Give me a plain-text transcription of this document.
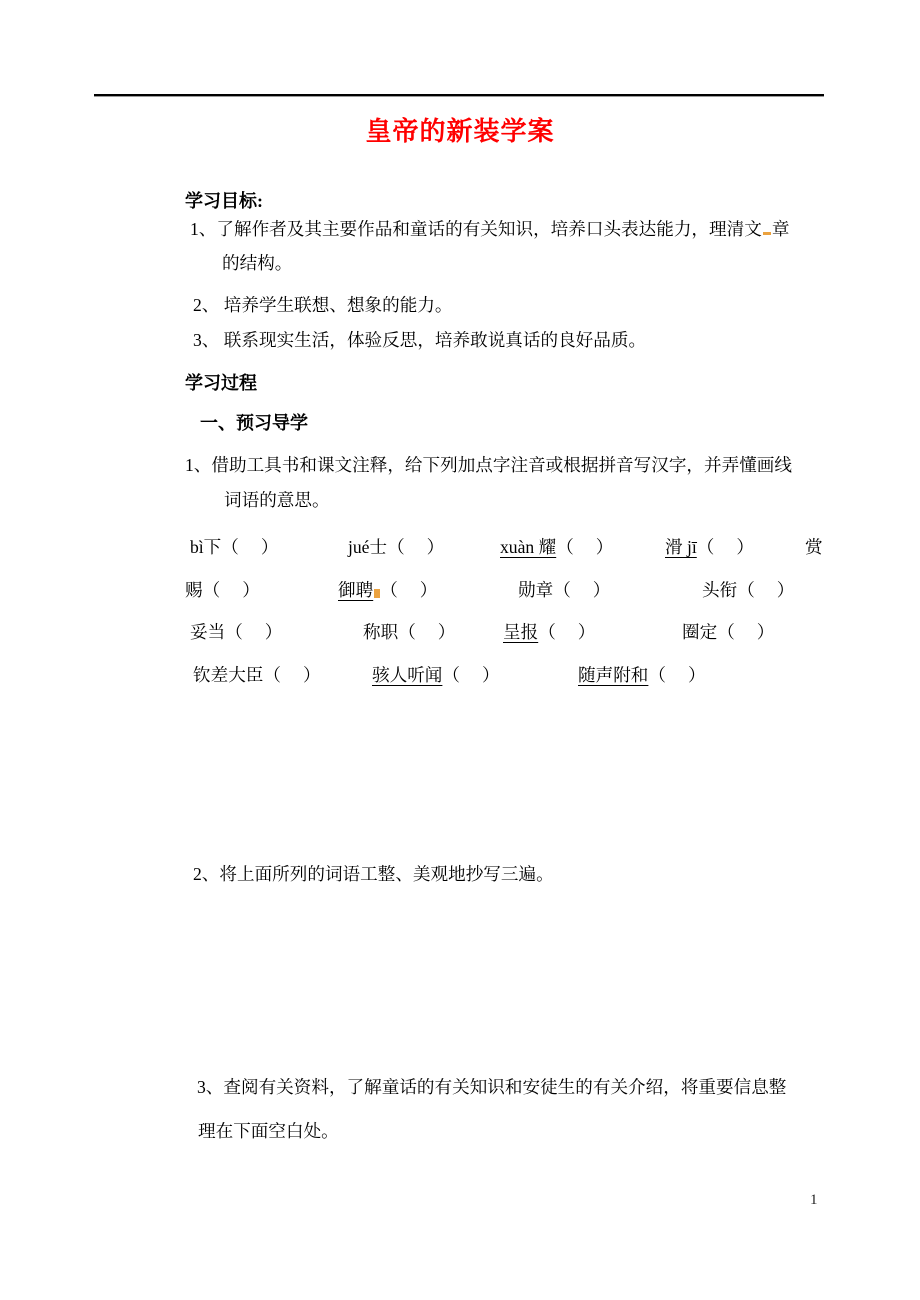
皇帝的新装学案
学习目标:
1、了解作者及其主要作品和童话的有关知识，培养口头表达能力，理清文 章
的结构。
2、 培养学生联想、想象的能力。
3、 联系现实生活，体验反思，培养敢说真话的良好品质。
学习过程
一、预习导学
1、借助工具书和课文注释，给下列加点字注音或根据拼音写汉字，并弄懂画线
词语的意思。
bì下（　 ）	jué士（　 ）	xuàn 耀（　 ）	滑 jī（　 ）	赏
赐（　 ）	御聘 （　 ）	勋章（　 ）	头衔（　 ）
妥当（　 ）	称职（　 ）	呈报（　 ）	圈定（　 ）
钦差大臣（　 ）	骇人听闻（　 ）	随声附和（　 ）
2、将上面所列的词语工整、美观地抄写三遍。
3、查阅有关资料，了解童话的有关知识和安徒生的有关介绍，将重要信息整
理在下面空白处。
1
